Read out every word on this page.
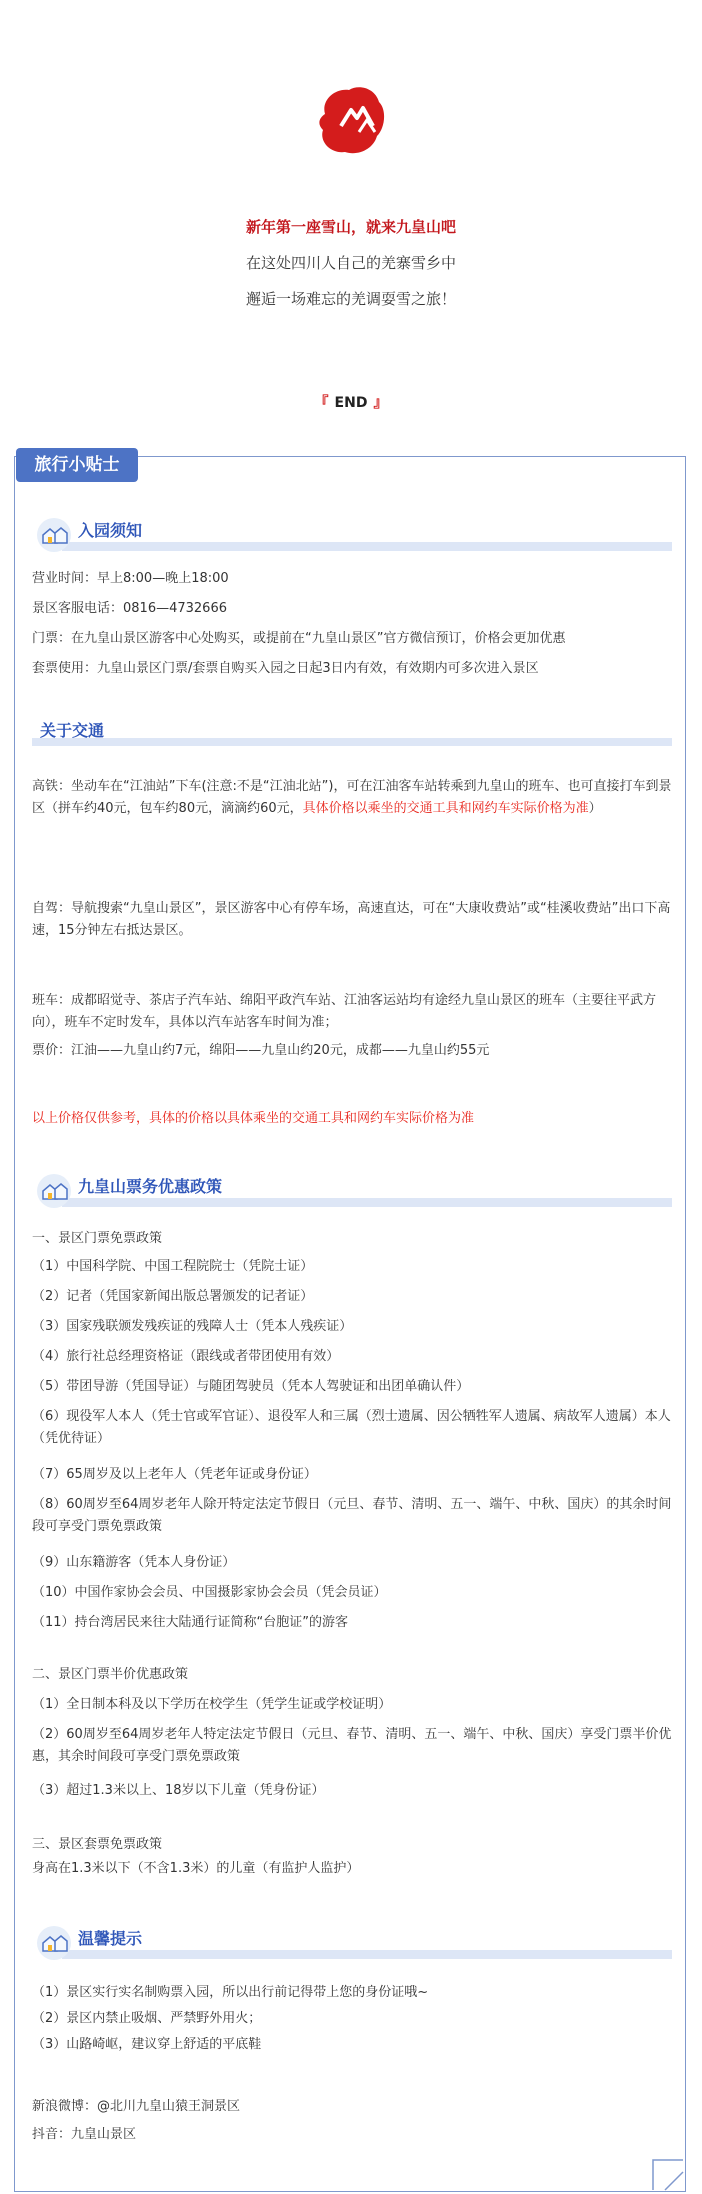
新年第一座雪山，就来九皇山吧
在这处四川人自己的羌寨雪乡中
邂逅一场难忘的羌调耍雪之旅！
『 END 』
旅行小贴士
入园须知
营业时间：早上8:00—晚上18:00
景区客服电话：0816—4732666
门票：在九皇山景区游客中心处购买，或提前在“九皇山景区”官方微信预订，价格会更加优惠
套票使用：九皇山景区门票/套票自购买入园之日起3日内有效，有效期内可多次进入景区
关于交通
高铁：坐动车在“江油站”下车(注意:不是“江油北站”)，可在江油客车站转乘到九皇山的班车、也可直接打车到景区（拼车约40元，包车约80元，滴滴约60元，具体价格以乘坐的交通工具和网约车实际价格为准）
自驾：导航搜索“九皇山景区”，景区游客中心有停车场，高速直达，可在“大康收费站”或“桂溪收费站”出口下高速，15分钟左右抵达景区。
班车：成都昭觉寺、茶店子汽车站、绵阳平政汽车站、江油客运站均有途经九皇山景区的班车（主要往平武方向），班车不定时发车，具体以汽车站客车时间为准；
票价：江油——九皇山约7元，绵阳——九皇山约20元，成都——九皇山约55元
以上价格仅供参考，具体的价格以具体乘坐的交通工具和网约车实际价格为准
九皇山票务优惠政策
一、景区门票免票政策
（1）中国科学院、中国工程院院士（凭院士证）
（2）记者（凭国家新闻出版总署颁发的记者证）
（3）国家残联颁发残疾证的残障人士（凭本人残疾证）
（4）旅行社总经理资格证（跟线或者带团使用有效）
（5）带团导游（凭国导证）与随团驾驶员（凭本人驾驶证和出团单确认件）
（6）现役军人本人（凭士官或军官证）、退役军人和三属（烈士遗属、因公牺牲军人遗属、病故军人遗属）本人（凭优待证）
（7）65周岁及以上老年人（凭老年证或身份证）
（8）60周岁至64周岁老年人除开特定法定节假日（元旦、春节、清明、五一、端午、中秋、国庆）的其余时间段可享受门票免票政策
（9）山东籍游客（凭本人身份证）
（10）中国作家协会会员、中国摄影家协会会员（凭会员证）
（11）持台湾居民来往大陆通行证简称“台胞证”的游客
二、景区门票半价优惠政策
（1）全日制本科及以下学历在校学生（凭学生证或学校证明）
（2）60周岁至64周岁老年人特定法定节假日（元旦、春节、清明、五一、端午、中秋、国庆）享受门票半价优惠，其余时间段可享受门票免票政策
（3）超过1.3米以上、18岁以下儿童（凭身份证）
三、景区套票免票政策
身高在1.3米以下（不含1.3米）的儿童（有监护人监护）
温馨提示
（1）景区实行实名制购票入园，所以出行前记得带上您的身份证哦~
（2）景区内禁止吸烟、严禁野外用火；
（3）山路崎岖，建议穿上舒适的平底鞋
新浪微博：@北川九皇山猿王洞景区
抖音：九皇山景区
